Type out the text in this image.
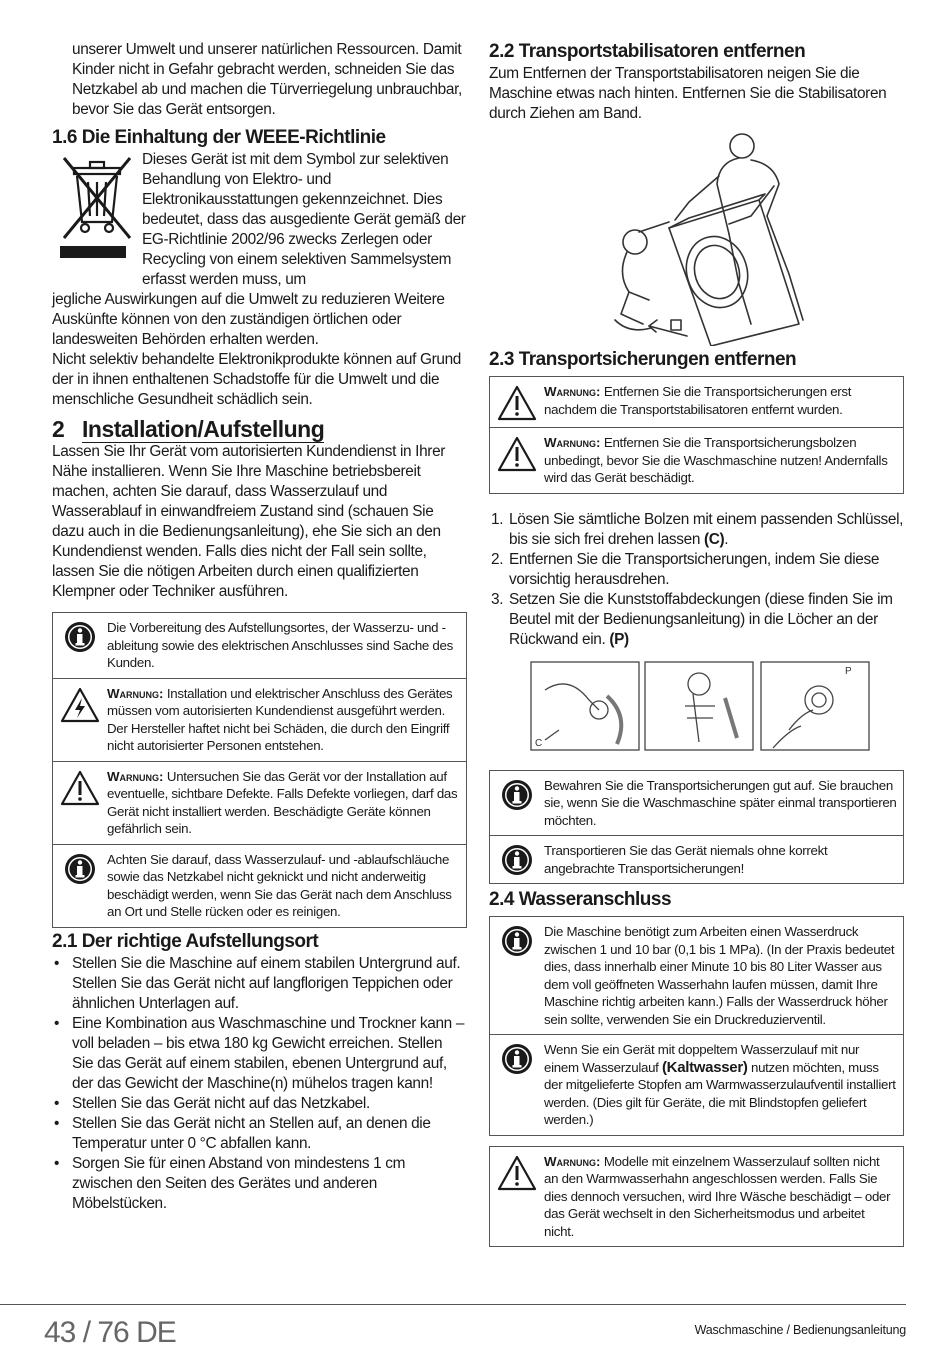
unserer Umwelt und unserer natürlichen Ressourcen. Damit Kinder nicht in Gefahr gebracht werden, schneiden Sie das Netzkabel ab und machen die Türverriegelung unbrauchbar, bevor Sie das Gerät entsorgen.

1.6 Die Einhaltung der WEEE-Richtlinie

Dieses Gerät ist mit dem Symbol zur selektiven Behandlung von Elektro- und Elektronikausstattungen gekennzeichnet. Dies bedeutet, dass das ausgediente Gerät gemäß der EG-Richtlinie 2002/96 zwecks Zerlegen oder Recycling von einem selektiven Sammelsystem erfasst werden muss, um

jegliche Auswirkungen auf die Umwelt zu reduzieren Weitere Auskünfte können von den zuständigen örtlichen oder landesweiten Behörden erhalten werden.

Nicht selektiv behandelte Elektronikprodukte können auf Grund der in ihnen enthaltenen Schadstoffe für die Umwelt und die menschliche Gesundheit schädlich sein.

2 Installation/Aufstellung

Lassen Sie Ihr Gerät vom autorisierten Kundendienst in Ihrer Nähe installieren. Wenn Sie Ihre Maschine betriebsbereit machen, achten Sie darauf, dass Wasserzulauf und Wasserablauf in einwandfreiem Zustand sind (schauen Sie dazu auch in die Bedienungsanleitung), ehe Sie sich an den Kundendienst wenden. Falls dies nicht der Fall sein sollte, lassen Sie die nötigen Arbeiten durch einen qualifizierten Klempner oder Techniker ausführen.

Die Vorbereitung des Aufstellungsortes, der Wasserzu- und -ableitung sowie des elektrischen Anschlusses sind Sache des Kunden.
Warnung: Installation und elektrischer Anschluss des Gerätes müssen vom autorisierten Kundendienst ausgeführt werden. Der Hersteller haftet nicht bei Schäden, die durch den Eingriff nicht autorisierter Personen entstehen.
Warnung: Untersuchen Sie das Gerät vor der Installation auf eventuelle, sichtbare Defekte. Falls Defekte vorliegen, darf das Gerät nicht installiert werden. Beschädigte Geräte können gefährlich sein.
Achten Sie darauf, dass Wasserzulauf- und -ablaufschläuche sowie das Netzkabel nicht geknickt und nicht anderweitig beschädigt werden, wenn Sie das Gerät nach dem Anschluss an Ort und Stelle rücken oder es reinigen.
2.1 Der richtige Aufstellungsort
• Stellen Sie die Maschine auf einem stabilen Untergrund auf. Stellen Sie das Gerät nicht auf langflorigen Teppichen oder ähnlichen Unterlagen auf.
• Eine Kombination aus Waschmaschine und Trockner kann – voll beladen – bis etwa 180 kg Gewicht erreichen. Stellen Sie das Gerät auf einem stabilen, ebenen Untergrund auf, der das Gewicht der Maschine(n) mühelos tragen kann!
• Stellen Sie das Gerät nicht auf das Netzkabel.
• Stellen Sie das Gerät nicht an Stellen auf, an denen die Temperatur unter 0 °C abfallen kann.
• Sorgen Sie für einen Abstand von mindestens 1 cm zwischen den Seiten des Gerätes und anderen Möbelstücken.
2.2 Transportstabilisatoren entfernen

Zum Entfernen der Transportstabilisatoren neigen Sie die Maschine etwas nach hinten. Entfernen Sie die Stabilisatoren durch Ziehen am Band.

2.3 Transportsicherungen entfernen
Warnung: Entfernen Sie die Transportsicherungen erst nachdem die Transportstabilisatoren entfernt wurden.
Warnung: Entfernen Sie die Transportsicherungsbolzen unbedingt, bevor Sie die Waschmaschine nutzen! Andernfalls wird das Gerät beschädigt.
1. Lösen Sie sämtliche Bolzen mit einem passenden Schlüssel, bis sie sich frei drehen lassen (C).
2. Entfernen Sie die Transportsicherungen, indem Sie diese vorsichtig herausdrehen.
3. Setzen Sie die Kunststoffabdeckungen (diese finden Sie im Beutel mit der Bedienungsanleitung) in die Löcher an der Rückwand ein. (P)
C
P
Bewahren Sie die Transportsicherungen gut auf. Sie brauchen sie, wenn Sie die Waschmaschine später einmal transportieren möchten.
Transportieren Sie das Gerät niemals ohne korrekt angebrachte Transportsicherungen!
2.4 Wasseranschluss
Die Maschine benötigt zum Arbeiten einen Wasserdruck zwischen 1 und 10 bar (0,1 bis 1 MPa). (In der Praxis bedeutet dies, dass innerhalb einer Minute 10 bis 80 Liter Wasser aus dem voll geöffneten Wasserhahn laufen müssen, damit Ihre Maschine richtig arbeiten kann.) Falls der Wasserdruck höher sein sollte, verwenden Sie ein Druckreduzierventil.
Wenn Sie ein Gerät mit doppeltem Wasserzulauf mit nur einem Wasserzulauf (Kaltwasser) nutzen möchten, muss der mitgelieferte Stopfen am Warmwasserzulaufventil installiert werden. (Dies gilt für Geräte, die mit Blindstopfen geliefert werden.)
Warnung: Modelle mit einzelnem Wasserzulauf sollten nicht an den Warmwasserhahn angeschlossen werden. Falls Sie dies dennoch versuchen, wird Ihre Wäsche beschädigt – oder das Gerät wechselt in den Sicherheitsmodus und arbeitet nicht.
43 / 76 DE	Waschmaschine / Bedienungsanleitung
